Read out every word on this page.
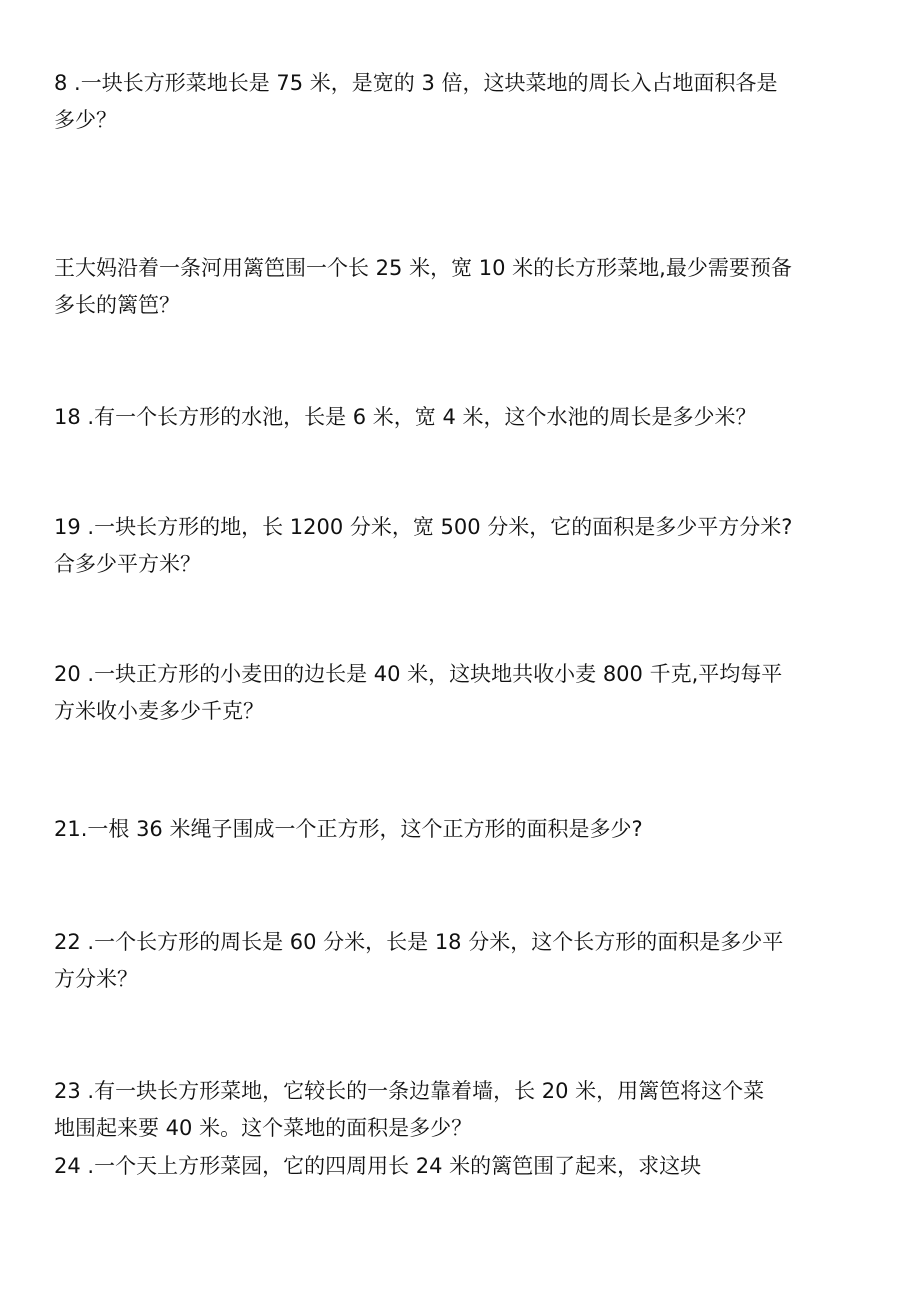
8 .一块长方形菜地长是 75 米，是宽的 3 倍，这块菜地的周长入占地面积各是
多少？
王大妈沿着一条河用篱笆围一个长 25 米，宽 10 米的长方形菜地,最少需要预备
多长的篱笆？
18 .有一个长方形的水池，长是 6 米，宽 4 米，这个水池的周长是多少米？
19 .一块长方形的地，长 1200 分米，宽 500 分米，它的面积是多少平方分米?
合多少平方米？
20 .一块正方形的小麦田的边长是 40 米，这块地共收小麦 800 千克,平均每平
方米收小麦多少千克？
21.一根 36 米绳子围成一个正方形，这个正方形的面积是多少?
22 .一个长方形的周长是 60 分米，长是 18 分米，这个长方形的面积是多少平
方分米？
23 .有一块长方形菜地，它较长的一条边靠着墙，长 20 米，用篱笆将这个菜
地围起来要 40 米。这个菜地的面积是多少？
24 .一个天上方形菜园，它的四周用长 24 米的篱笆围了起来，求这块
